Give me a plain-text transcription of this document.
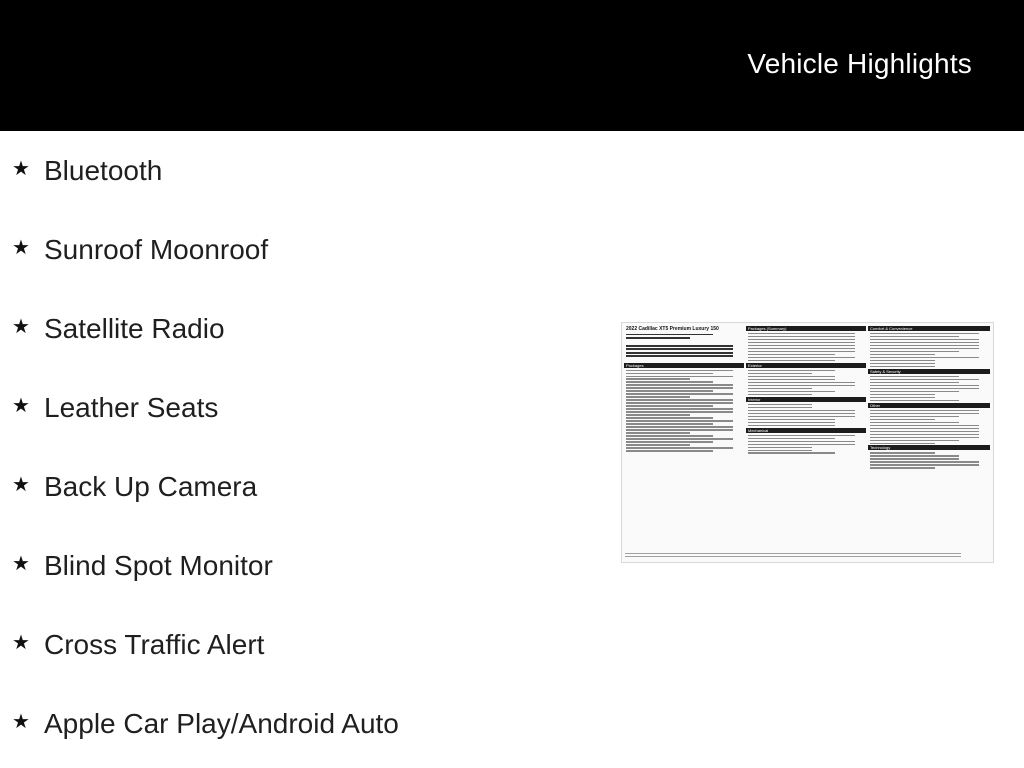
Vehicle Highlights
★ Bluetooth
★ Sunroof Moonroof
★ Satellite Radio
★ Leather Seats
★ Back Up Camera
★ Blind Spot Monitor
★ Cross Traffic Alert
★ Apple Car Play/Android Auto

2022 Cadillac XT5 Premium Luxury 150
Packages
Packages (Summary)
Exterior
Interior
Mechanical
Comfort & Convenience
Safety & Security
Other
Technology
